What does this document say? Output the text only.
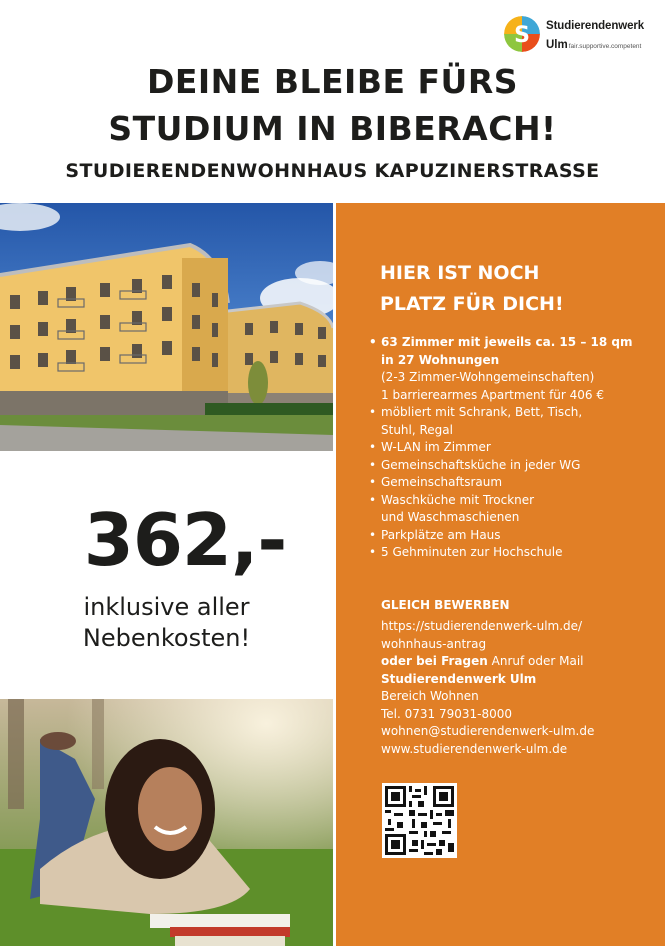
S Studierendenwerk
Ulmfair.supportive.competent
DEINE BLEIBE FÜRS
STUDIUM IN BIBERACH!
STUDIERENDENWOHNHAUS KAPUZINERSTRASSE
362,-
inklusive aller
Nebenkosten!
HIER IST NOCH
PLATZ FÜR DICH!
• 63 Zimmer mit jeweils ca. 15 – 18 qm
in 27 Wohnungen
(2-3 Zimmer-Wohngemeinschaften)
1 barrierearmes Apartment für 406 €
• möbliert mit Schrank, Bett, Tisch,
Stuhl, Regal
• W-LAN im Zimmer
• Gemeinschaftsküche in jeder WG
• Gemeinschaftsraum
• Waschküche mit Trockner
und Waschmaschienen
• Parkplätze am Haus
• 5 Gehminuten zur Hochschule
GLEICH BEWERBEN
https://studierendenwerk-ulm.de/
wohnhaus-antrag
oder bei Fragen Anruf oder Mail
Studierendenwerk Ulm
Bereich Wohnen
Tel. 0731 79031-8000
wohnen@studierendenwerk-ulm.de
www.studierendenwerk-ulm.de
